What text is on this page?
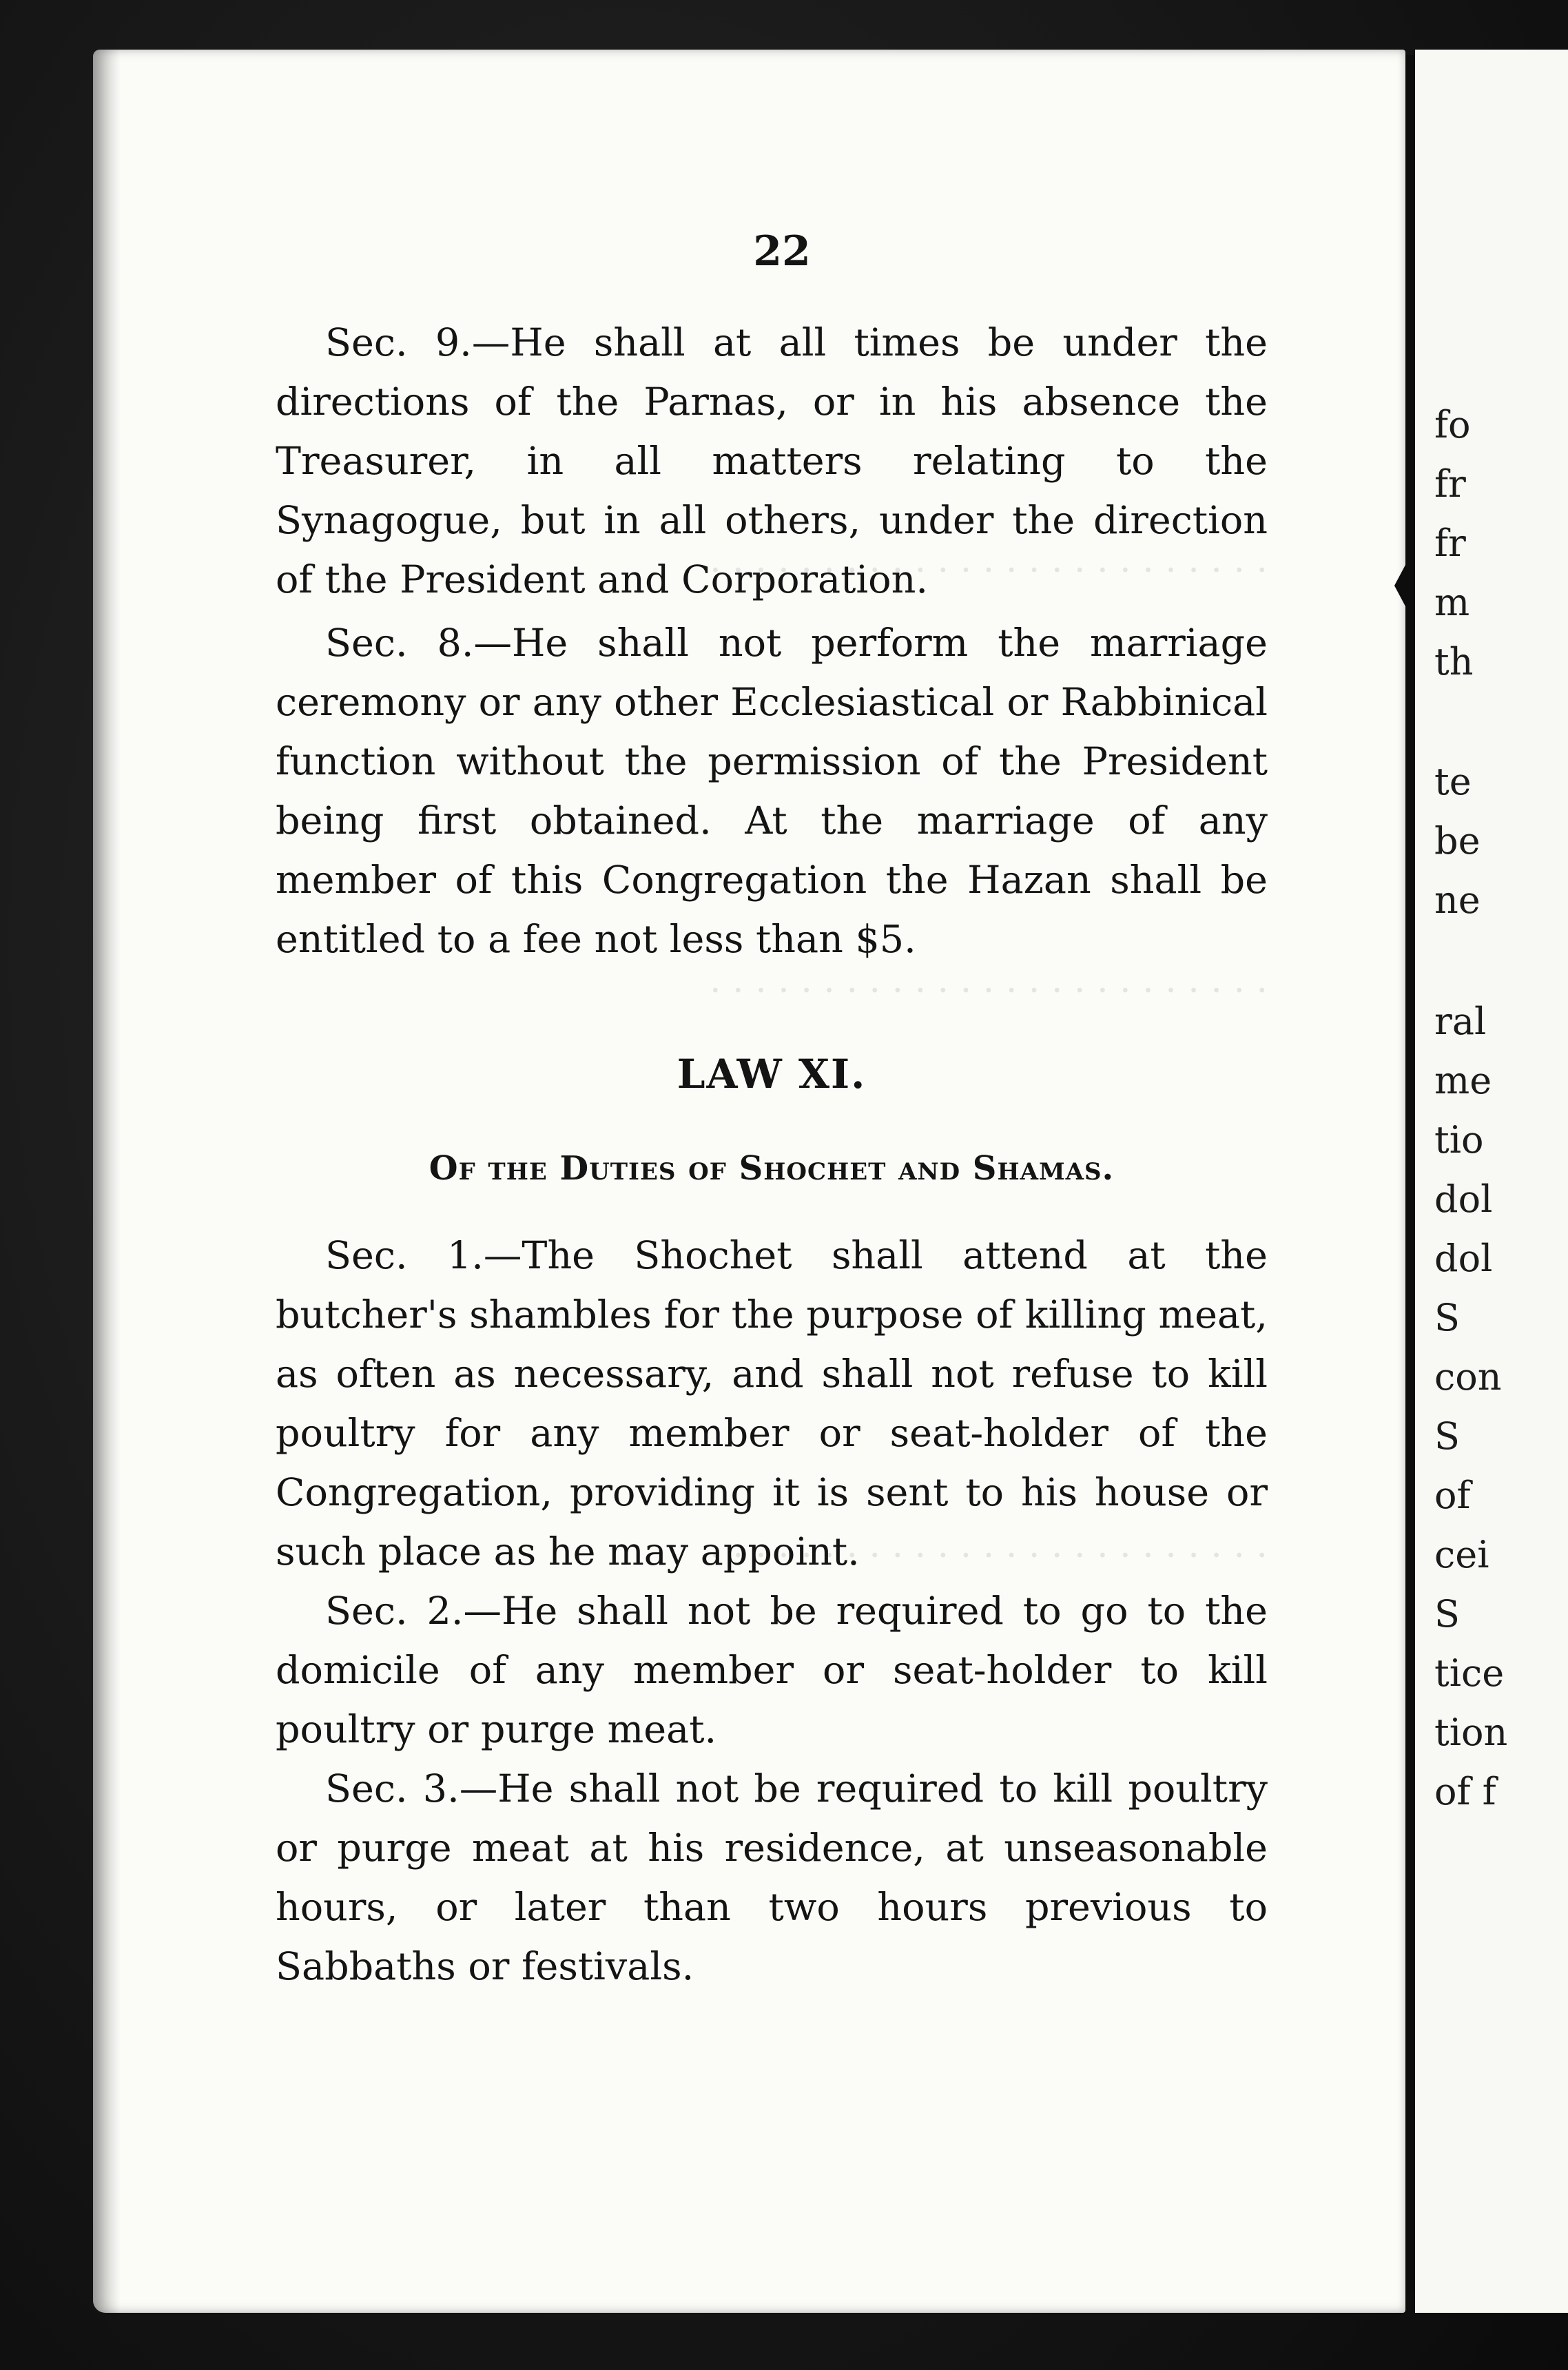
. . . . . . . . . . . . . . . . . . . . . . . . .
. . . . . . . . . . . . . . . . . . . . . . . . .
. . . . . . . . . . . . . . . . . . . . . . . . .
22

Sec. 9.—He shall at all times be under the directions of the Parnas, or in his absence the Treasurer, in all matters relating to the Synagogue, but in all others, under the direction of the President and Corporation.

Sec. 8.—He shall not perform the marriage ceremony or any other Ecclesiastical or Rabbinical function without the permission of the President being first obtained. At the marriage of any member of this Congregation the Hazan shall be entitled to a fee not less than $5.

LAW XI.
Of the Duties of Shochet and Shamas.

Sec. 1.—The Shochet shall attend at the butcher's shambles for the purpose of killing meat, as often as necessary, and shall not refuse to kill poultry for any member or seat-holder of the Congregation, providing it is sent to his house or such place as he may appoint.

Sec. 2.—He shall not be required to go to the domicile of any member or seat-holder to kill poultry or purge meat.

Sec. 3.—He shall not be required to kill poultry or purge meat at his residence, at unseasonable hours, or later than two hours previous to Sabbaths or festivals.

fo
fr
fr
m
th
te
be
ne
ral
me
tio
dol
dol
S
con
S
of
cei
S
tice
tion
of f
